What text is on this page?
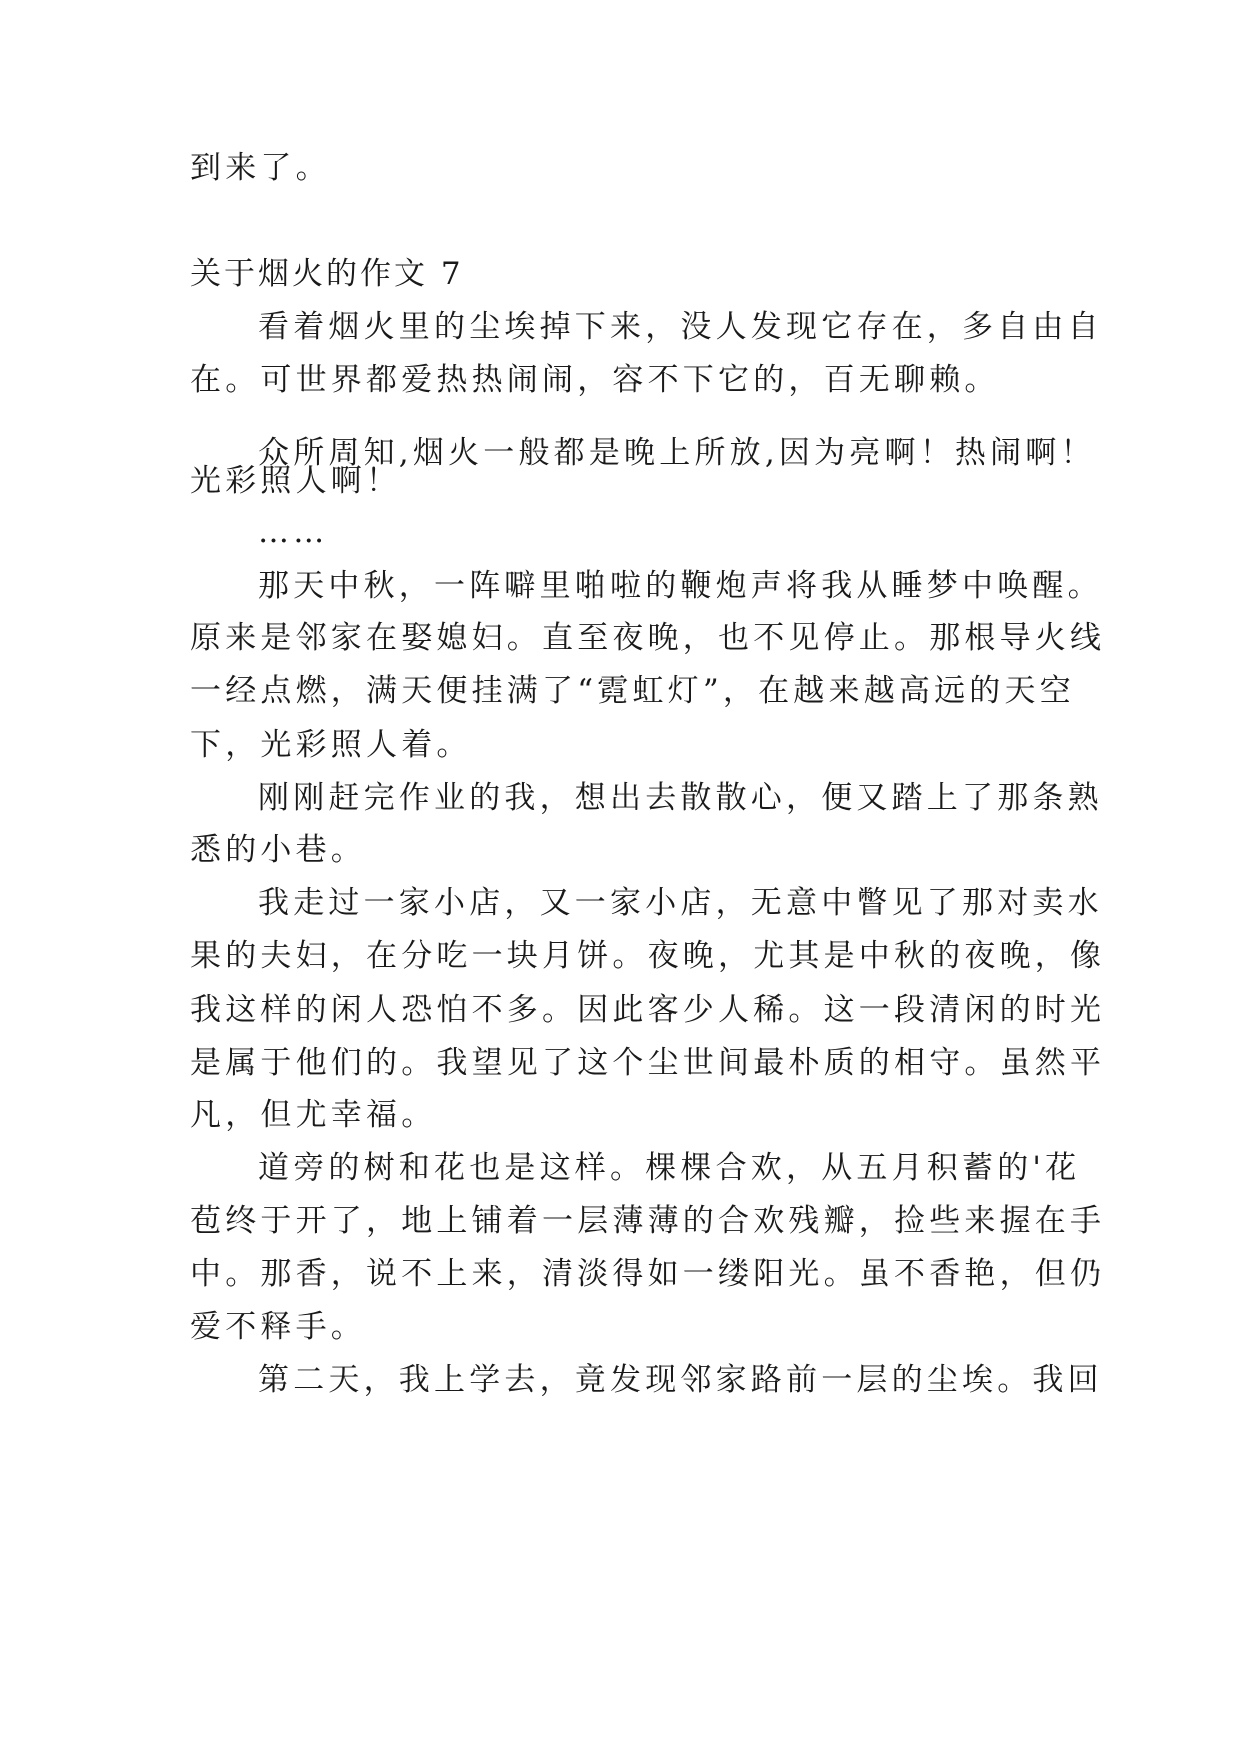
到来了。
关于烟火的作文 7
看着烟火里的尘埃掉下来，没人发现它存在，多自由自
在。可世界都爱热热闹闹，容不下它的，百无聊赖。
众所周知,烟火一般都是晚上所放,因为亮啊！热闹啊！
光彩照人啊！
……
那天中秋，一阵噼里啪啦的鞭炮声将我从睡梦中唤醒。
原来是邻家在娶媳妇。直至夜晚，也不见停止。那根导火线
一经点燃，满天便挂满了“霓虹灯”，在越来越高远的天空
下，光彩照人着。
刚刚赶完作业的我，想出去散散心，便又踏上了那条熟
悉的小巷。
我走过一家小店，又一家小店，无意中瞥见了那对卖水
果的夫妇，在分吃一块月饼。夜晚，尤其是中秋的夜晚，像
我这样的闲人恐怕不多。因此客少人稀。这一段清闲的时光
是属于他们的。我望见了这个尘世间最朴质的相守。虽然平
凡，但尤幸福。
道旁的树和花也是这样。棵棵合欢，从五月积蓄的'花
苞终于开了，地上铺着一层薄薄的合欢残瓣，捡些来握在手
中。那香，说不上来，清淡得如一缕阳光。虽不香艳，但仍
爱不释手。
第二天，我上学去，竟发现邻家路前一层的尘埃。我回
